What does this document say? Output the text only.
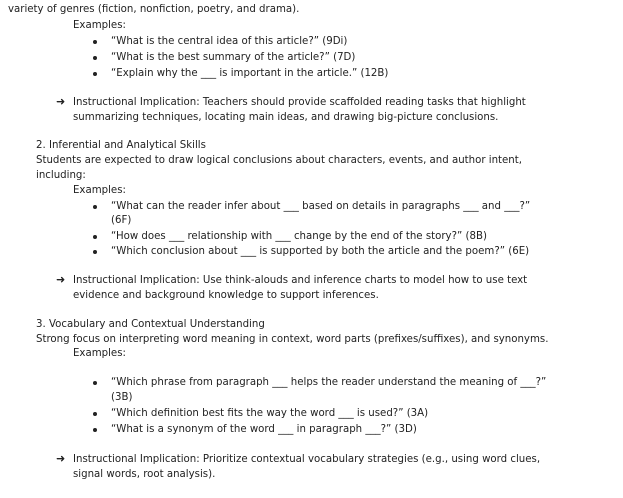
variety of genres (fiction, nonfiction, poetry, and drama).
Examples:
“What is the central idea of this article?” (9Di)
“What is the best summary of the article?” (7D)
“Explain why the ___ is important in the article.” (12B)
➜ Instructional Implication: Teachers should provide scaffolded reading tasks that highlight
summarizing techniques, locating main ideas, and drawing big-picture conclusions.
2. Inferential and Analytical Skills
Students are expected to draw logical conclusions about characters, events, and author intent,
including:
Examples:
“What can the reader infer about ___ based on details in paragraphs ___ and ___?”
(6F)
“How does ___ relationship with ___ change by the end of the story?” (8B)
“Which conclusion about ___ is supported by both the article and the poem?” (6E)
➜ Instructional Implication: Use think-alouds and inference charts to model how to use text
evidence and background knowledge to support inferences.
3. Vocabulary and Contextual Understanding
Strong focus on interpreting word meaning in context, word parts (prefixes/suffixes), and synonyms.
Examples:
“Which phrase from paragraph ___ helps the reader understand the meaning of ___?”
(3B)
“Which definition best fits the way the word ___ is used?” (3A)
“What is a synonym of the word ___ in paragraph ___?” (3D)
➜ Instructional Implication: Prioritize contextual vocabulary strategies (e.g., using word clues,
signal words, root analysis).
